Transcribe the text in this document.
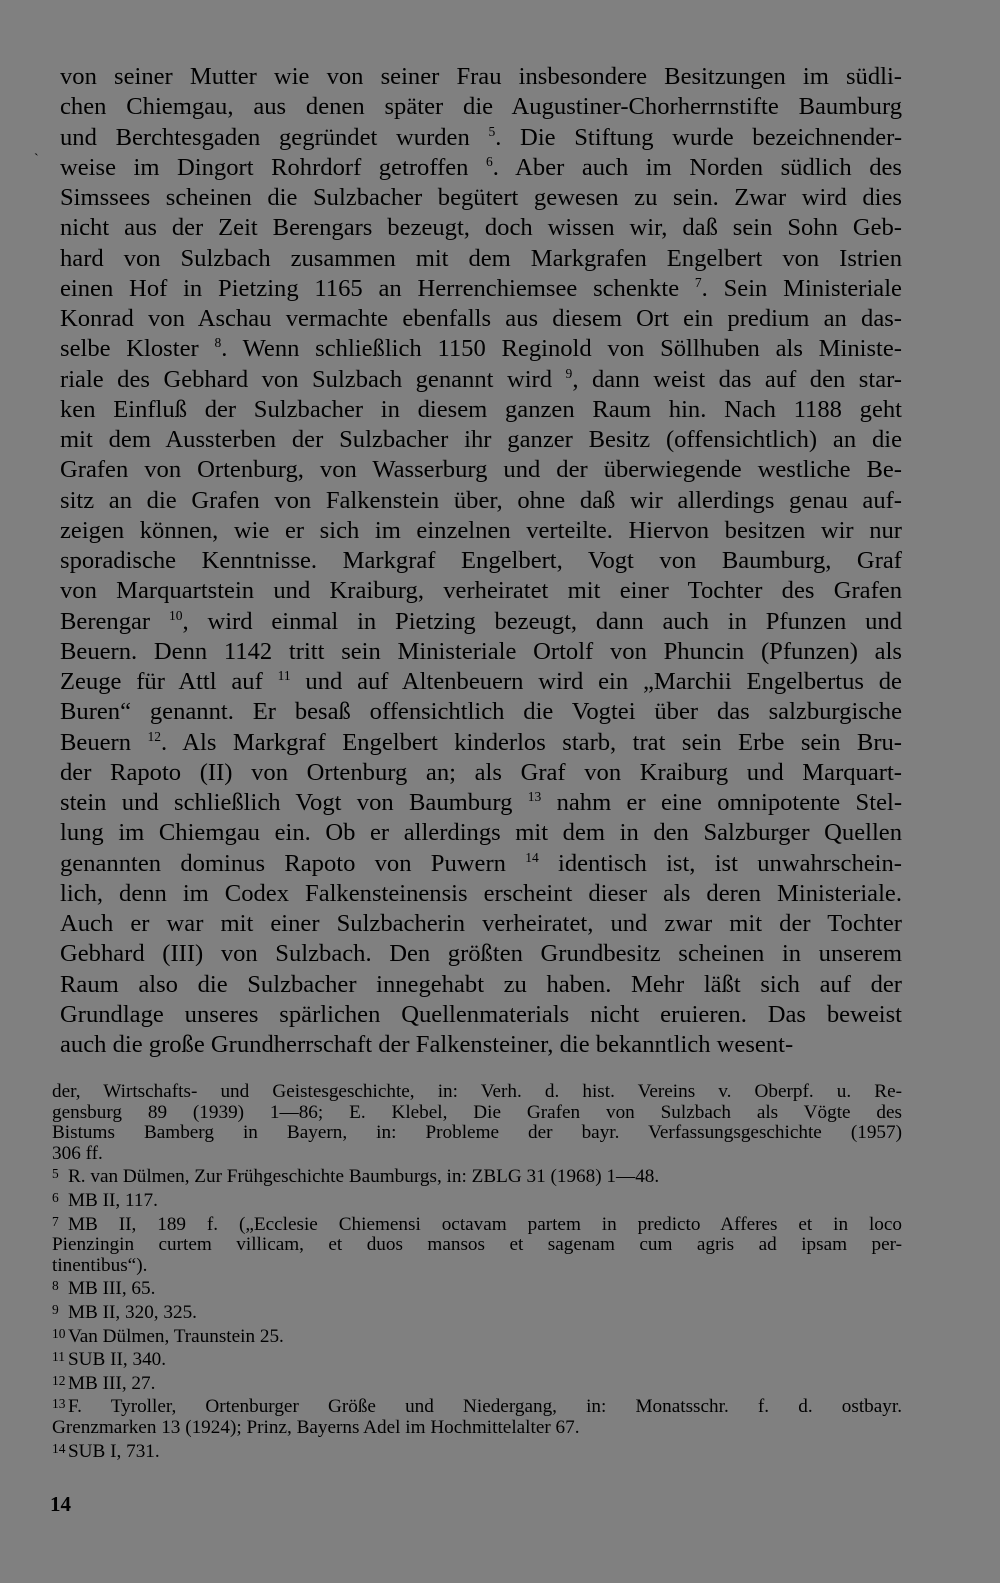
`

von seiner Mutter wie von seiner Frau insbesondere Besitzungen im südli-

chen Chiemgau, aus denen später die Augustiner-Chorherrnstifte Baumburg

und Berchtesgaden gegründet wurden $^5$. Die Stiftung wurde bezeichnender-

weise im Dingort Rohrdorf getroffen $^6$. Aber auch im Norden südlich des

Simssees scheinen die Sulzbacher begütert gewesen zu sein. Zwar wird dies

nicht aus der Zeit Berengars bezeugt, doch wissen wir, daß sein Sohn Geb-

hard von Sulzbach zusammen mit dem Markgrafen Engelbert von Istrien

einen Hof in Pietzing 1165 an Herrenchiemsee schenkte $^7$. Sein Ministeriale

Konrad von Aschau vermachte ebenfalls aus diesem Ort ein predium an das-

selbe Kloster $^8$. Wenn schließlich 1150 Reginold von Söllhuben als Ministe-

riale des Gebhard von Sulzbach genannt wird $^9$, dann weist das auf den star-

ken Einfluß der Sulzbacher in diesem ganzen Raum hin. Nach 1188 geht

mit dem Aussterben der Sulzbacher ihr ganzer Besitz (offensichtlich) an die

Grafen von Ortenburg, von Wasserburg und der überwiegende westliche Be-

sitz an die Grafen von Falkenstein über, ohne daß wir allerdings genau auf-

zeigen können, wie er sich im einzelnen verteilte. Hiervon besitzen wir nur

sporadische Kenntnisse. Markgraf Engelbert, Vogt von Baumburg, Graf

von Marquartstein und Kraiburg, verheiratet mit einer Tochter des Grafen

Berengar $^{10}$, wird einmal in Pietzing bezeugt, dann auch in Pfunzen und

Beuern. Denn 1142 tritt sein Ministeriale Ortolf von Phuncin (Pfunzen) als

Zeuge für Attl auf $^{11}$ und auf Altenbeuern wird ein „Marchii Engelbertus de

Buren“ genannt. Er besaß offensichtlich die Vogtei über das salzburgische

Beuern $^{12}$. Als Markgraf Engelbert kinderlos starb, trat sein Erbe sein Bru-

der Rapoto (II) von Ortenburg an; als Graf von Kraiburg und Marquart-

stein und schließlich Vogt von Baumburg $^{13}$ nahm er eine omnipotente Stel-

lung im Chiemgau ein. Ob er allerdings mit dem in den Salzburger Quellen

genannten dominus Rapoto von Puwern $^{14}$ identisch ist, ist unwahrschein-

lich, denn im Codex Falkensteinensis erscheint dieser als deren Ministeriale.

Auch er war mit einer Sulzbacherin verheiratet, und zwar mit der Tochter

Gebhard (III) von Sulzbach. Den größten Grundbesitz scheinen in unserem

Raum also die Sulzbacher innegehabt zu haben. Mehr läßt sich auf der

Grundlage unseres spärlichen Quellenmaterials nicht eruieren. Das beweist

auch die große Grundherrschaft der Falkensteiner, die bekanntlich wesent-

der, Wirtschafts- und Geistesgeschichte, in: Verh. d. hist. Vereins v. Oberpf. u. Re-

gensburg 89 (1939) 1—86; E. Klebel, Die Grafen von Sulzbach als Vögte des

Bistums Bamberg in Bayern, in: Probleme der bayr. Verfassungsgeschichte (1957)

306 ff.

5 R. van Dülmen, Zur Frühgeschichte Baumburgs, in: ZBLG 31 (1968) 1—48.

6 MB II, 117.

7 MB II, 189 f. („Ecclesie Chiemensi octavam partem in predicto Afferes et in loco

Pienzingin curtem villicam, et duos mansos et sagenam cum agris ad ipsam per-

tinentibus“).

8 MB III, 65.

9 MB II, 320, 325.

10 Van Dülmen, Traunstein 25.

11 SUB II, 340.

12 MB III, 27.

13 F. Tyroller, Ortenburger Größe und Niedergang, in: Monatsschr. f. d. ostbayr.

Grenzmarken 13 (1924); Prinz, Bayerns Adel im Hochmittelalter 67.

14 SUB I, 731.

14
